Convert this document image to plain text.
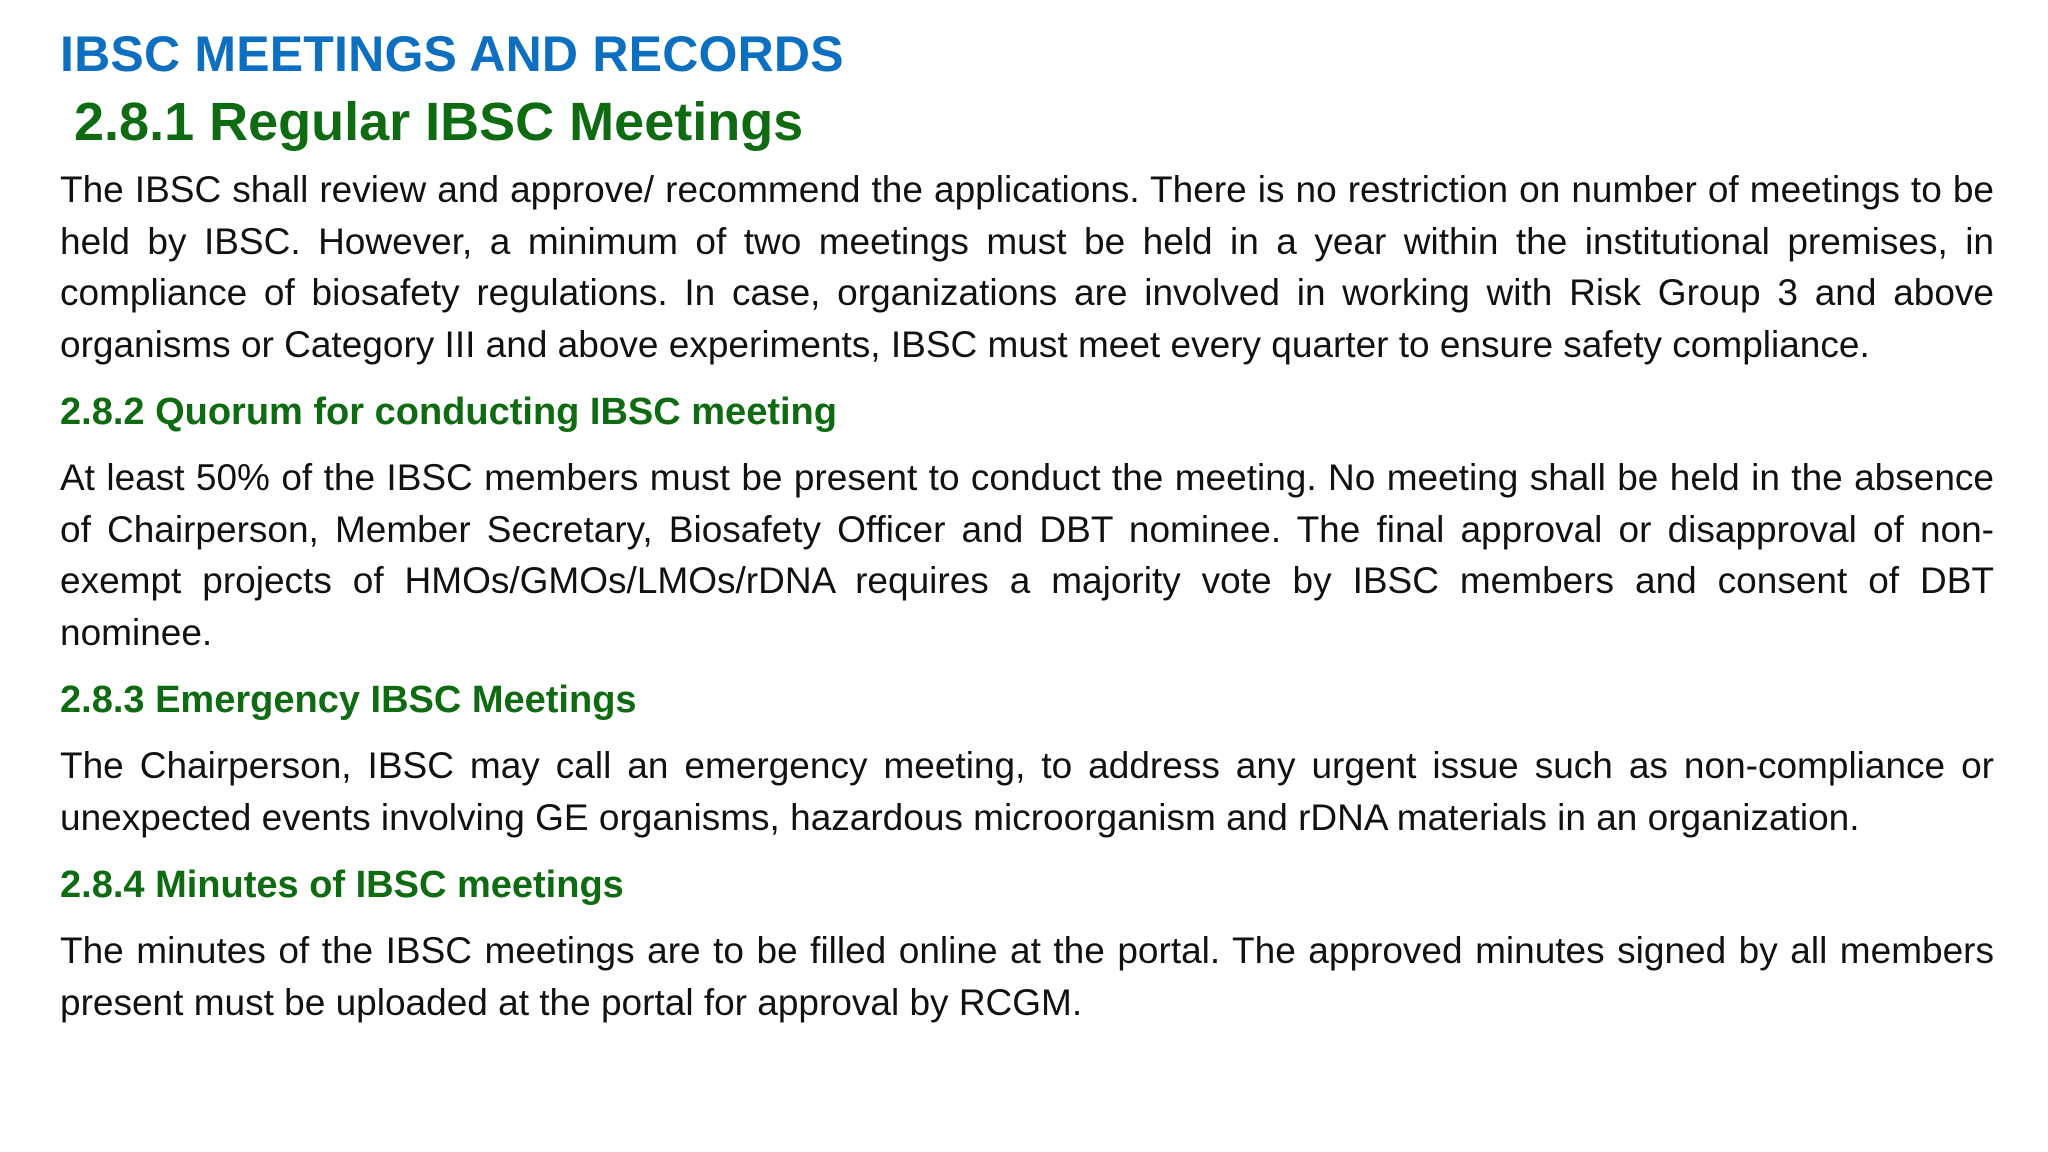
IBSC MEETINGS AND RECORDS
2.8.1 Regular IBSC Meetings

The IBSC shall review and approve/ recommend the applications. There is no restriction on number of meetings to be held by IBSC. However, a minimum of two meetings must be held in a year within the institutional premises, in compliance of biosafety regulations. In case, organizations are involved in working with Risk Group 3 and above organisms or Category III and above experiments, IBSC must meet every quarter to ensure safety compliance.

2.8.2 Quorum for conducting IBSC meeting

At least 50% of the IBSC members must be present to conduct the meeting. No meeting shall be held in the absence of Chairperson, Member Secretary, Biosafety Officer and DBT nominee. The final approval or disapproval of non-exempt projects of HMOs/GMOs/LMOs/rDNA requires a majority vote by IBSC members and consent of DBT nominee.

2.8.3 Emergency IBSC Meetings

The Chairperson, IBSC may call an emergency meeting, to address any urgent issue such as non-compliance or unexpected events involving GE organisms, hazardous microorganism and rDNA materials in an organization.

2.8.4 Minutes of IBSC meetings

The minutes of the IBSC meetings are to be filled online at the portal. The approved minutes signed by all members present must be uploaded at the portal for approval by RCGM.
